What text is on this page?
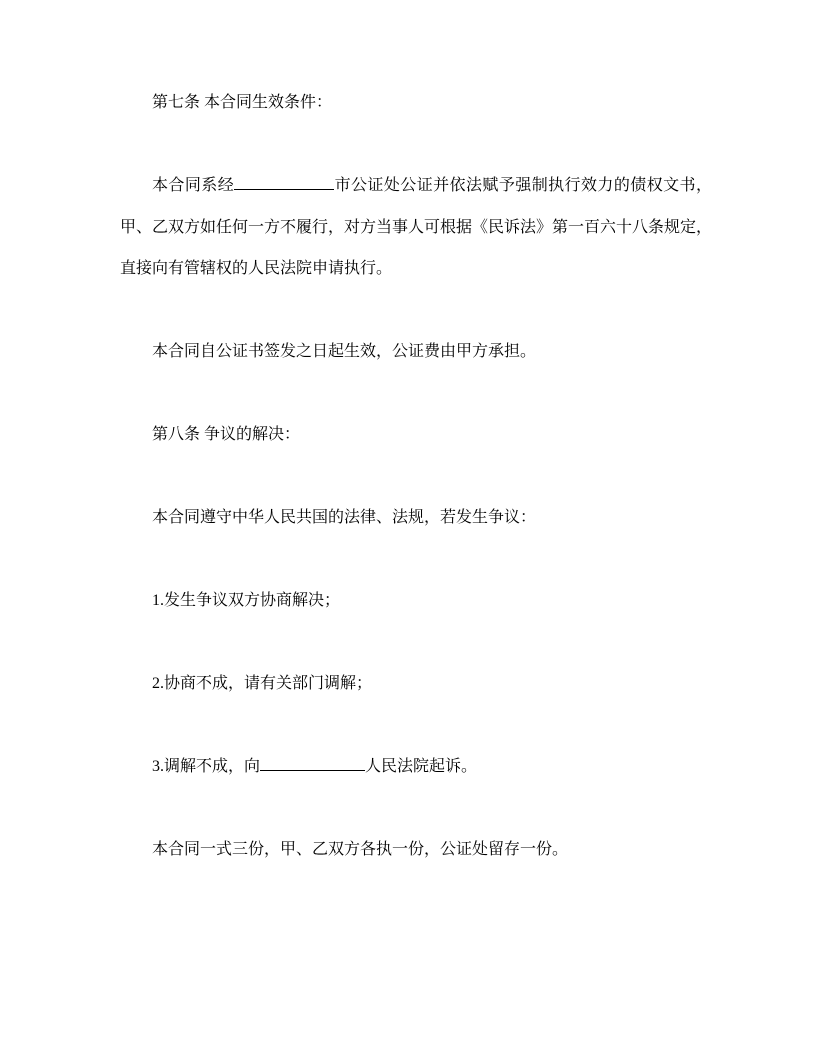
第七条 本合同生效条件：

本合同系经	市公证处公证并依法赋予强制执行效力的债权文书，甲、乙双方如任何一方不履行，对方当事人可根据《民诉法》第一百六十八条规定，直接向有管辖权的人民法院申请执行。

本合同自公证书签发之日起生效，公证费由甲方承担。

第八条 争议的解决：

本合同遵守中华人民共国的法律、法规，若发生争议：

1.发生争议双方协商解决；

2.协商不成，请有关部门调解；

3.调解不成，向	人民法院起诉。

本合同一式三份，甲、乙双方各执一份，公证处留存一份。
